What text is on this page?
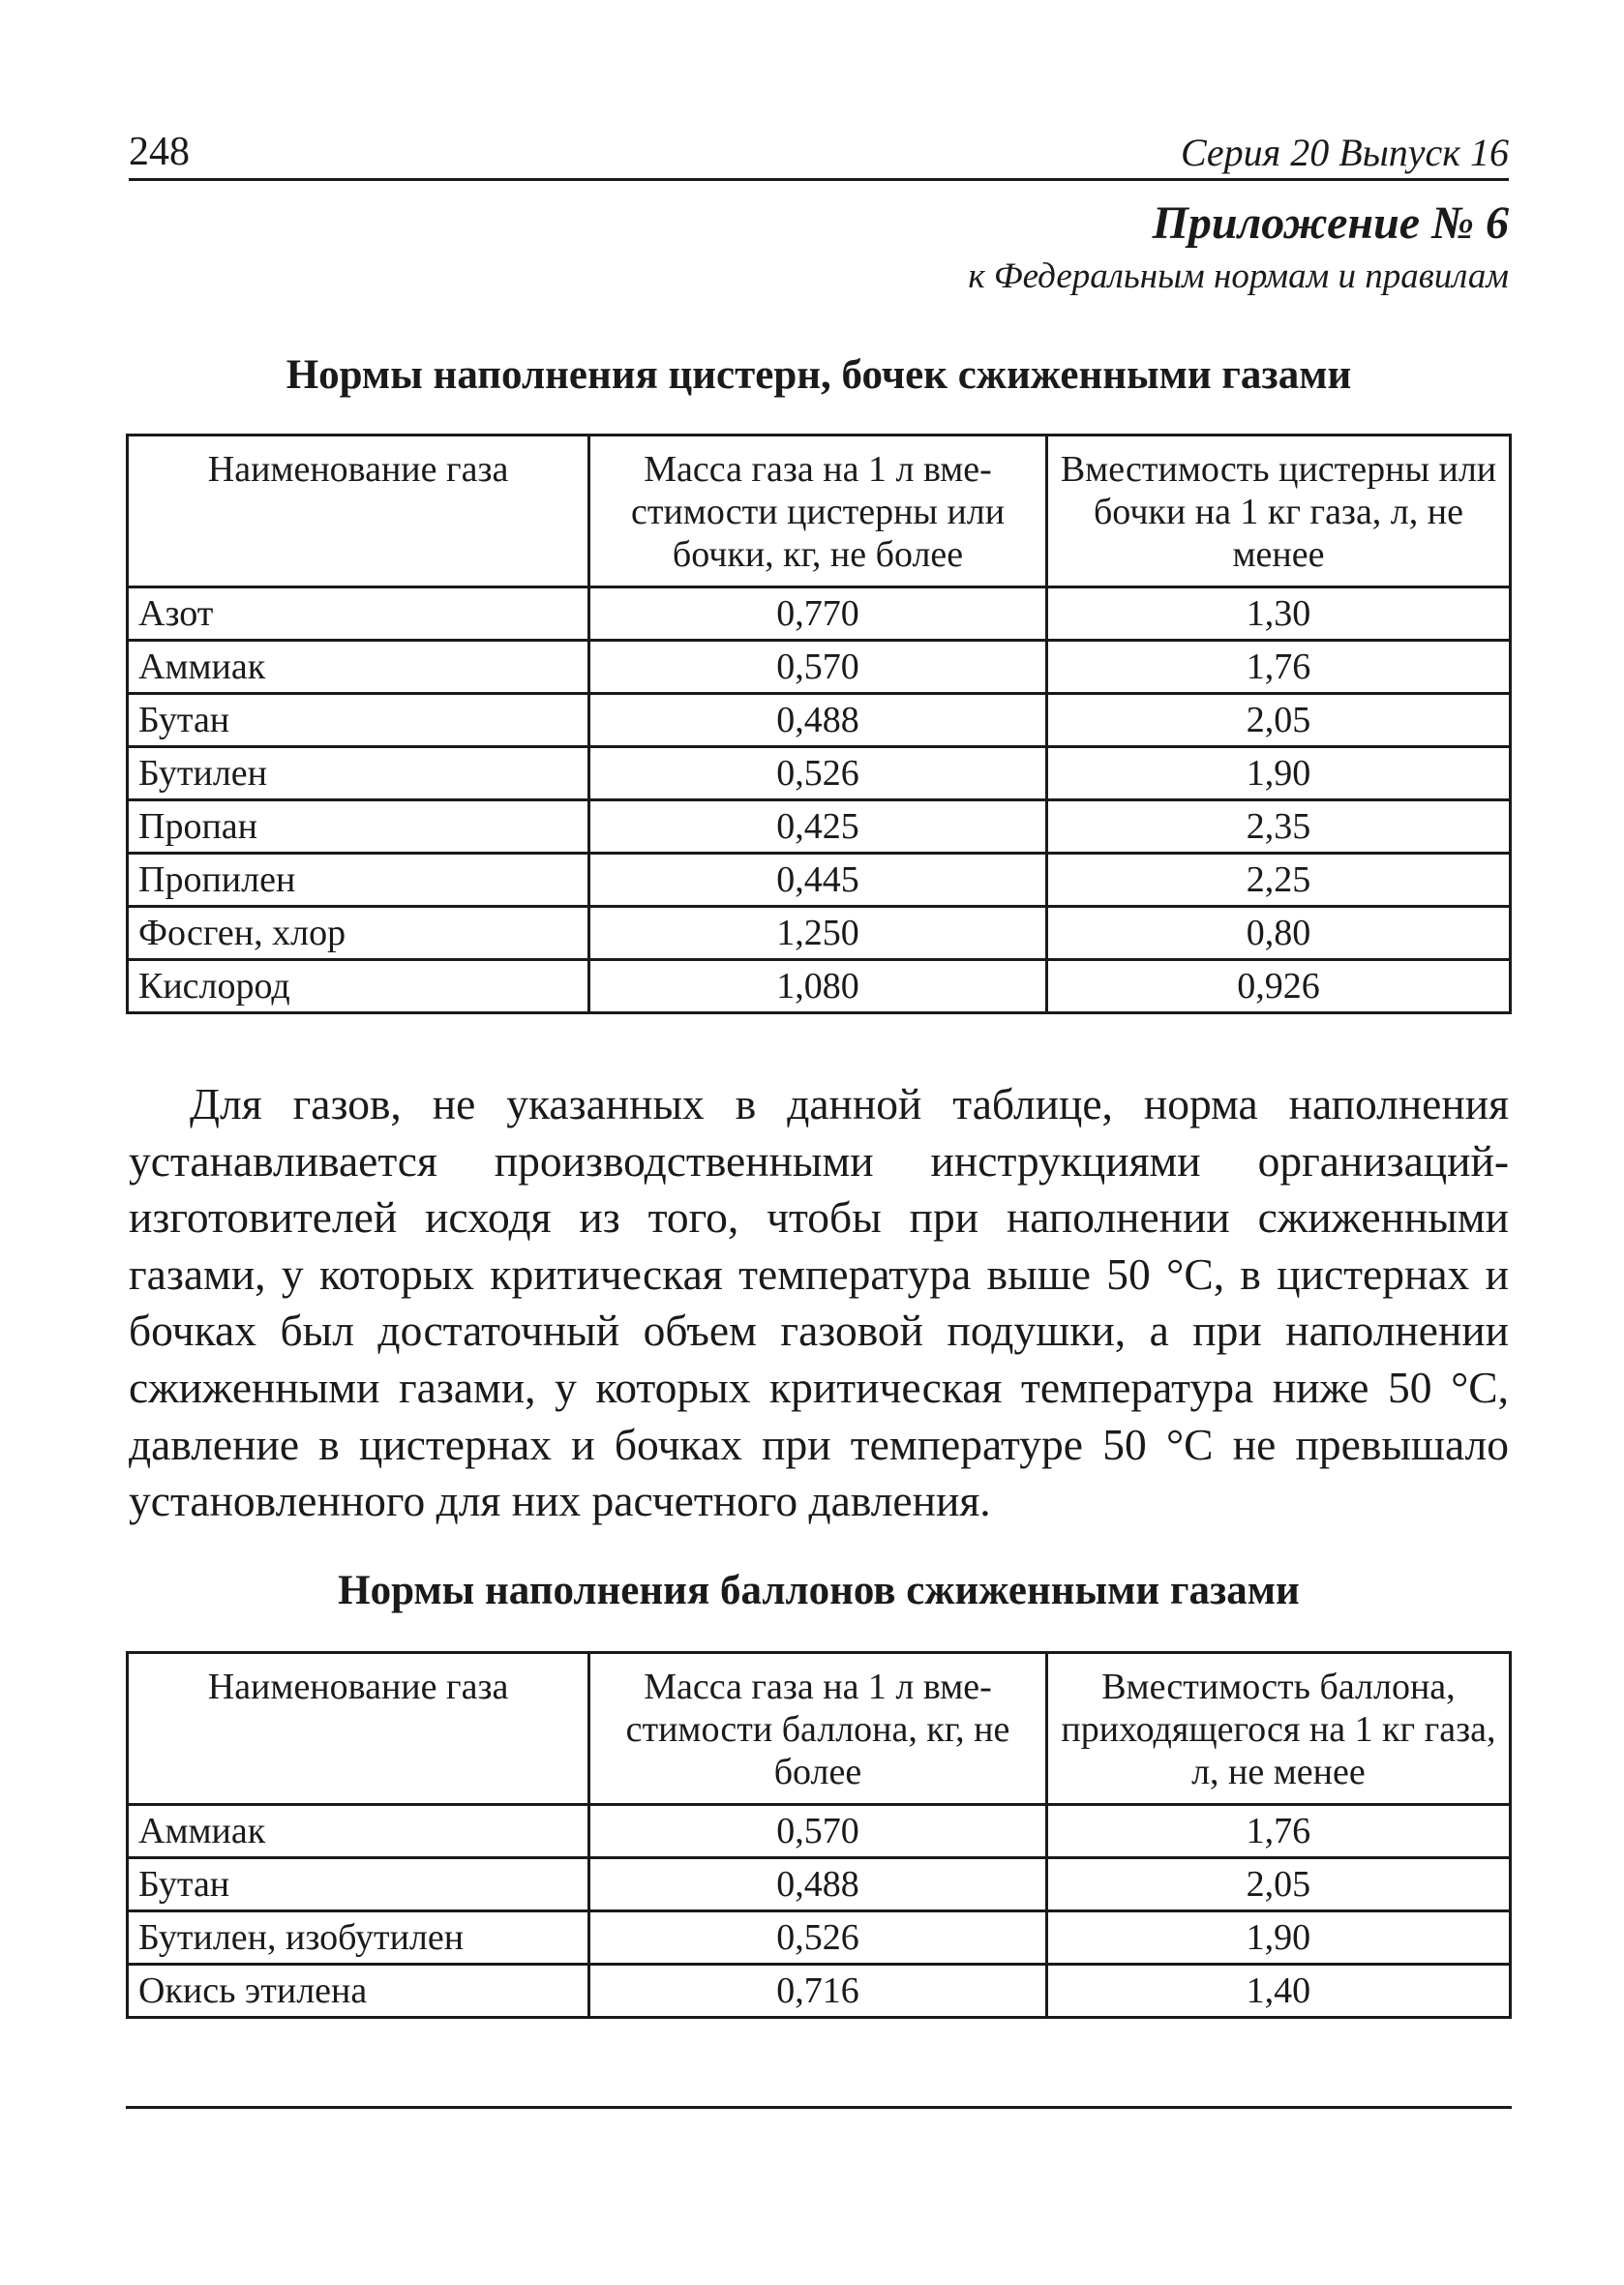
248	Серия 20 Выпуск 16
Приложение № 6
к Федеральным нормам и правилам
Нормы наполнения цистерн, бочек сжиженными газами
Наименование газа	Масса газа на 1 л вме- стимости цистерны или бочки, кг, не более	Вместимость цистерны или бочки на 1 кг газа, л, не менее
Азот	0,770	1,30
Аммиак	0,570	1,76
Бутан	0,488	2,05
Бутилен	0,526	1,90
Пропан	0,425	2,35
Пропилен	0,445	2,25
Фосген, хлор	1,250	0,80
Кислород	1,080	0,926

Для газов, не указанных в данной таблице, норма наполнения устанавливается производственными инструкциями организаций-изготовителей исходя из того, чтобы при наполнении сжиженными газами, у которых критическая температура выше 50 °С, в цистернах и бочках был достаточный объем газовой подушки, а при наполнении сжиженными газами, у которых критическая температура ниже 50 °С, давление в цистернах и бочках при температуре 50 °С не превышало установленного для них расчетного давления.

Нормы наполнения баллонов сжиженными газами
Наименование газа	Масса газа на 1 л вме- стимости баллона, кг, не более	Вместимость баллона, приходящегося на 1 кг газа, л, не менее
Аммиак	0,570	1,76
Бутан	0,488	2,05
Бутилен, изобутилен	0,526	1,90
Окись этилена	0,716	1,40
